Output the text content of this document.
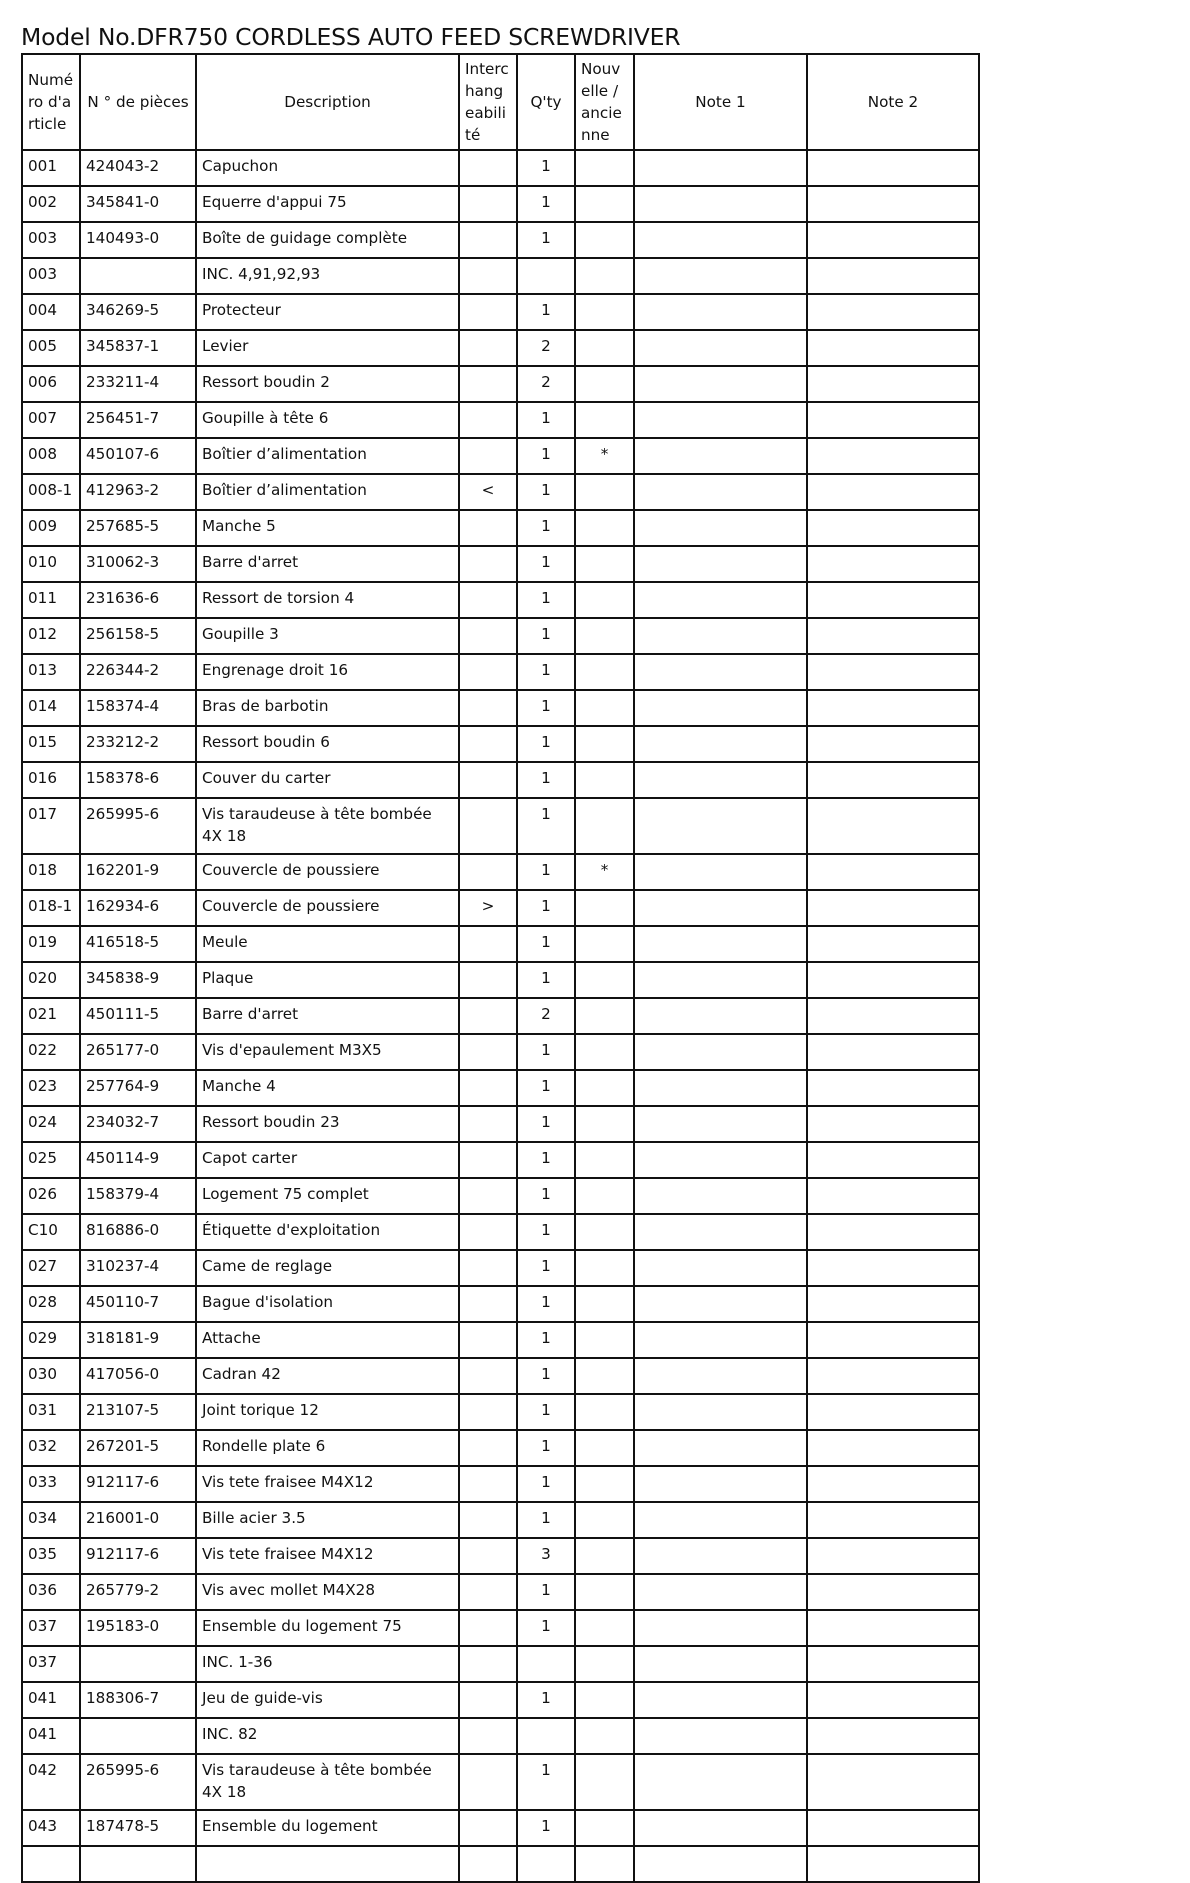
Model No.DFR750 CORDLESS AUTO FEED SCREWDRIVER
Numéro d'article	N ° de pièces	Description	Interchangeabilité	Q'ty	Nouvelle / ancienne	Note 1	Note 2
001	424043-2	Capuchon		1			
002	345841-0	Equerre d'appui 75		1			
003	140493-0	Boîte de guidage complète		1			
003		INC. 4,91,92,93					
004	346269-5	Protecteur		1			
005	345837-1	Levier		2			
006	233211-4	Ressort boudin 2		2			
007	256451-7	Goupille à tête 6		1			
008	450107-6	Boîtier d’alimentation		1	*		
008-1	412963-2	Boîtier d’alimentation	<	1			
009	257685-5	Manche 5		1			
010	310062-3	Barre d'arret		1			
011	231636-6	Ressort de torsion 4		1			
012	256158-5	Goupille 3		1			
013	226344-2	Engrenage droit 16		1			
014	158374-4	Bras de barbotin		1			
015	233212-2	Ressort boudin 6		1			
016	158378-6	Couver du carter		1			
017	265995-6	Vis taraudeuse à tête bombée 4X 18		1			
018	162201-9	Couvercle de poussiere		1	*		
018-1	162934-6	Couvercle de poussiere	>	1			
019	416518-5	Meule		1			
020	345838-9	Plaque		1			
021	450111-5	Barre d'arret		2			
022	265177-0	Vis d'epaulement M3X5		1			
023	257764-9	Manche 4		1			
024	234032-7	Ressort boudin 23		1			
025	450114-9	Capot carter		1			
026	158379-4	Logement 75 complet		1			
C10	816886-0	Étiquette d'exploitation		1			
027	310237-4	Came de reglage		1			
028	450110-7	Bague d'isolation		1			
029	318181-9	Attache		1			
030	417056-0	Cadran 42		1			
031	213107-5	Joint torique 12		1			
032	267201-5	Rondelle plate 6		1			
033	912117-6	Vis tete fraisee M4X12		1			
034	216001-0	Bille acier 3.5		1			
035	912117-6	Vis tete fraisee M4X12		3			
036	265779-2	Vis avec mollet M4X28		1			
037	195183-0	Ensemble du logement 75		1			
037		INC. 1-36					
041	188306-7	Jeu de guide-vis		1			
041		INC. 82					
042	265995-6	Vis taraudeuse à tête bombée 4X 18		1			
043	187478-5	Ensemble du logement		1			
